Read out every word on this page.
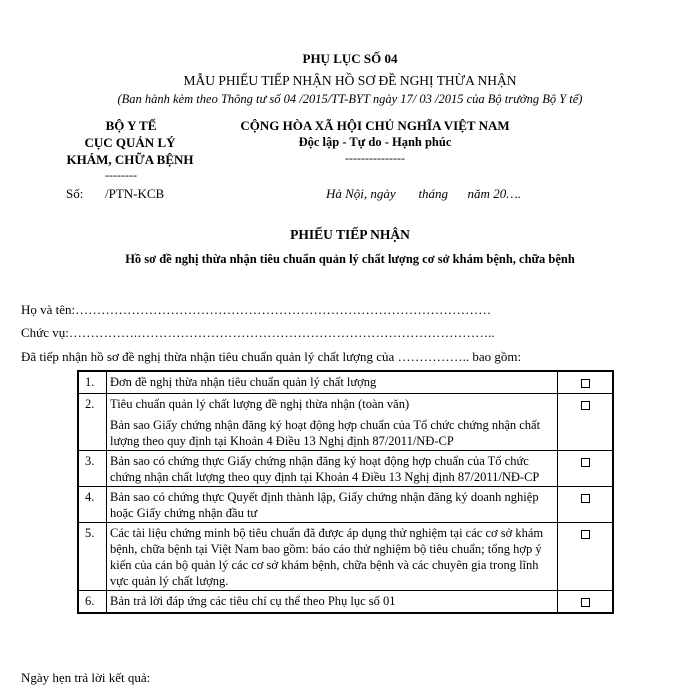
PHỤ LỤC SỐ 04
MẪU PHIẾU TIẾP NHẬN HỒ SƠ ĐỀ NGHỊ THỪA NHẬN
(Ban hành kèm theo Thông tư số 04 /2015/TT-BYT ngày 17/ 03 /2015 của Bộ trưởng Bộ Y tế)
BỘ Y TẾ
CỤC QUẢN LÝ
KHÁM, CHỮA BỆNH
--------
CỘNG HÒA XÃ HỘI CHỦ NGHĨA VIỆT NAM
Độc lập - Tự do - Hạnh phúc
---------------
Số: /PTN-KCB	Hà Nội, ngày       tháng      năm 20….
PHIẾU TIẾP NHẬN
Hồ sơ đề nghị thừa nhận tiêu chuẩn quản lý chất lượng cơ sở khám bệnh, chữa bệnh
Họ và tên:……………………………………………………………………………………
Chức vụ:…………….………………………………………………………………………..
Đã tiếp nhận hồ sơ đề nghị thừa nhận tiêu chuẩn quản lý chất lượng của …………….. bao gồm:
1.	Đơn đề nghị thừa nhận tiêu chuẩn quản lý chất lượng	
2.	Tiêu chuẩn quản lý chất lượng đề nghị thừa nhận (toàn văn)
Bản sao Giấy chứng nhận đăng ký hoạt động hợp chuẩn của Tổ chức chứng nhận chất lượng theo quy định tại Khoản 4 Điều 13 Nghị định 87/2011/NĐ-CP	

3.	Bản sao có chứng thực Giấy chứng nhận đăng ký hoạt động hợp chuẩn của Tổ chức chứng nhận chất lượng theo quy định tại Khoản 4 Điều 13 Nghị định 87/2011/NĐ-CP	
4.	Bản sao có chứng thực Quyết định thành lập, Giấy chứng nhận đăng ký doanh nghiệp hoặc Giấy chứng nhận đầu tư	
5.	Các tài liệu chứng minh bộ tiêu chuẩn đã được áp dụng thử nghiệm tại các cơ sở khám bệnh, chữa bệnh tại Việt Nam bao gồm: báo cáo thử nghiệm bộ tiêu chuẩn; tổng hợp ý kiến của cán bộ quản lý các cơ sở khám bệnh, chữa bệnh và các chuyên gia trong lĩnh vực quản lý chất lượng.	
6.	Bản trả lời đáp ứng các tiêu chí cụ thể theo Phụ lục số 01	
Ngày hẹn trả lời kết quả:
